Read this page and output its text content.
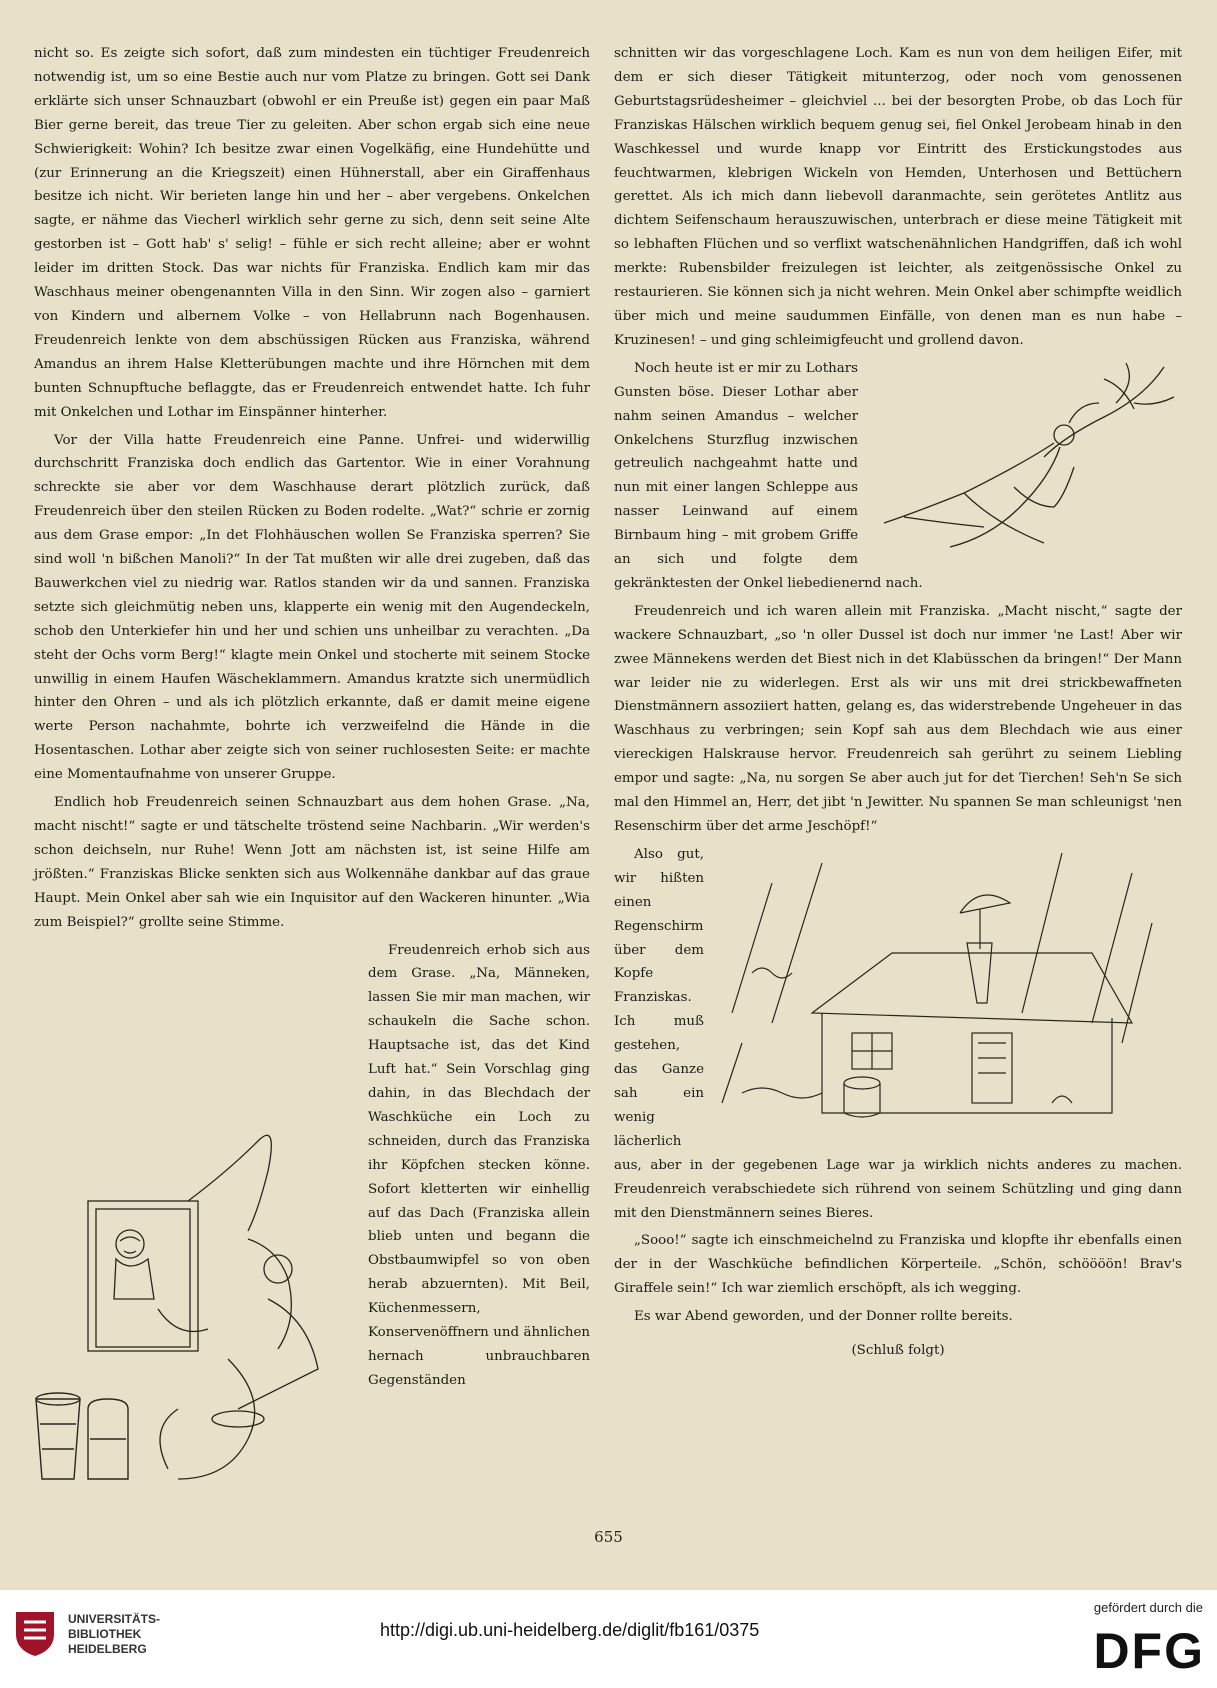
nicht so. Es zeigte sich sofort, daß zum mindesten ein tüchtiger Freudenreich notwendig ist, um so eine Bestie auch nur vom Platze zu bringen. Gott sei Dank erklärte sich unser Schnauzbart (obwohl er ein Preuße ist) gegen ein paar Maß Bier gerne bereit, das treue Tier zu geleiten. Aber schon ergab sich eine neue Schwierigkeit: Wohin? Ich besitze zwar einen Vogelkäfig, eine Hundehütte und (zur Erinnerung an die Kriegszeit) einen Hühnerstall, aber ein Giraffenhaus besitze ich nicht. Wir berieten lange hin und her – aber vergebens. Onkelchen sagte, er nähme das Viecherl wirklich sehr gerne zu sich, denn seit seine Alte gestorben ist – Gott hab' s' selig! – fühle er sich recht alleine; aber er wohnt leider im dritten Stock. Das war nichts für Franziska. Endlich kam mir das Waschhaus meiner obengenannten Villa in den Sinn. Wir zogen also – garniert von Kindern und albernem Volke – von Hellabrunn nach Bogenhausen. Freudenreich lenkte von dem abschüssigen Rücken aus Franziska, während Amandus an ihrem Halse Kletterübungen machte und ihre Hörnchen mit dem bunten Schnupftuche beflaggte, das er Freudenreich entwendet hatte. Ich fuhr mit Onkelchen und Lothar im Einspänner hinterher.

Vor der Villa hatte Freudenreich eine Panne. Unfrei- und widerwillig durchschritt Franziska doch endlich das Gartentor. Wie in einer Vorahnung schreckte sie aber vor dem Waschhause derart plötzlich zurück, daß Freudenreich über den steilen Rücken zu Boden rodelte. „Wat?“ schrie er zornig aus dem Grase empor: „In det Flohhäuschen wollen Se Franziska sperren? Sie sind woll 'n bißchen Manoli?“ In der Tat mußten wir alle drei zugeben, daß das Bauwerkchen viel zu niedrig war. Ratlos standen wir da und sannen. Franziska setzte sich gleichmütig neben uns, klapperte ein wenig mit den Augendeckeln, schob den Unterkiefer hin und her und schien uns unheilbar zu verachten. „Da steht der Ochs vorm Berg!“ klagte mein Onkel und stocherte mit seinem Stocke unwillig in einem Haufen Wäscheklammern. Amandus kratzte sich unermüdlich hinter den Ohren – und als ich plötzlich erkannte, daß er damit meine eigene werte Person nachahmte, bohrte ich verzweifelnd die Hände in die Hosentaschen. Lothar aber zeigte sich von seiner ruchlosesten Seite: er machte eine Momentaufnahme von unserer Gruppe.

Endlich hob Freudenreich seinen Schnauzbart aus dem hohen Grase. „Na, macht nischt!“ sagte er und tätschelte tröstend seine Nachbarin. „Wir werden's schon deichseln, nur Ruhe! Wenn Jott am nächsten ist, ist seine Hilfe am jrößten.“ Franziskas Blicke senkten sich aus Wolkennähe dankbar auf das graue Haupt. Mein Onkel aber sah wie ein Inquisitor auf den Wackeren hinunter. „Wia zum Beispiel?“ grollte seine Stimme.

Freudenreich erhob sich aus dem Grase. „Na, Männeken, lassen Sie mir man machen, wir schaukeln die Sache schon. Hauptsache ist, das det Kind Luft hat.“ Sein Vorschlag ging dahin, in das Blechdach der Waschküche ein Loch zu schneiden, durch das Franziska ihr Köpfchen stecken könne. Sofort kletterten wir einhellig auf das Dach (Franziska allein blieb unten und begann die Obstbaumwipfel so von oben herab abzuernten). Mit Beil, Küchenmessern, Konservenöffnern und ähnlichen hernach unbrauchbaren Gegenständen

schnitten wir das vorgeschlagene Loch. Kam es nun von dem heiligen Eifer, mit dem er sich dieser Tätigkeit mitunterzog, oder noch vom genossenen Geburtstagsrüdesheimer – gleichviel ... bei der besorgten Probe, ob das Loch für Franziskas Hälschen wirklich bequem genug sei, fiel Onkel Jerobeam hinab in den Waschkessel und wurde knapp vor Eintritt des Erstickungstodes aus feuchtwarmen, klebrigen Wickeln von Hemden, Unterhosen und Bettüchern gerettet. Als ich mich dann liebevoll daranmachte, sein gerötetes Antlitz aus dichtem Seifenschaum herauszuwischen, unterbrach er diese meine Tätigkeit mit so lebhaften Flüchen und so verflixt watschenähnlichen Handgriffen, daß ich wohl merkte: Rubensbilder freizulegen ist leichter, als zeitgenössische Onkel zu restaurieren. Sie können sich ja nicht wehren. Mein Onkel aber schimpfte weidlich über mich und meine saudummen Einfälle, von denen man es nun habe – Kruzinesen! – und ging schleimigfeucht und grollend davon.

Noch heute ist er mir zu Lothars Gunsten böse. Dieser Lothar aber nahm seinen Amandus – welcher Onkelchens Sturzflug inzwischen getreulich nachgeahmt hatte und nun mit einer langen Schleppe aus nasser Leinwand auf einem Birnbaum hing – mit grobem Griffe an sich und folgte dem gekränktesten der Onkel liebedienernd nach.

Freudenreich und ich waren allein mit Franziska. „Macht nischt,“ sagte der wackere Schnauzbart, „so 'n oller Dussel ist doch nur immer 'ne Last! Aber wir zwee Männekens werden det Biest nich in det Klabüsschen da bringen!“ Der Mann war leider nie zu widerlegen. Erst als wir uns mit drei strickbewaffneten Dienstmännern assoziiert hatten, gelang es, das widerstrebende Ungeheuer in das Waschhaus zu verbringen; sein Kopf sah aus dem Blechdach wie aus einer viereckigen Halskrause hervor. Freudenreich sah gerührt zu seinem Liebling empor und sagte: „Na, nu sorgen Se aber auch jut for det Tierchen! Seh'n Se sich mal den Himmel an, Herr, det jibt 'n Jewitter. Nu spannen Se man schleunigst 'nen Resenschirm über det arme Jeschöpf!“

Also gut, wir hißten einen Regenschirm über dem Kopfe Franziskas. Ich muß gestehen, das Ganze sah ein wenig lächerlich aus, aber in der gegebenen Lage war ja wirklich nichts anderes zu machen. Freudenreich verabschiedete sich rührend von seinem Schützling und ging dann mit den Dienstmännern seines Bieres.

„Sooo!“ sagte ich einschmeichelnd zu Franziska und klopfte ihr ebenfalls einen der in der Waschküche befindlichen Körperteile. „Schön, schöööön! Brav's Giraffele sein!“ Ich war ziemlich erschöpft, als ich wegging.

Es war Abend geworden, und der Donner rollte bereits.

(Schluß folgt)

655
UNIVERSITÄTS-
BIBLIOTHEK
HEIDELBERG
http://digi.ub.uni-heidelberg.de/diglit/fb161/0375
gefördert durch die
DFG
